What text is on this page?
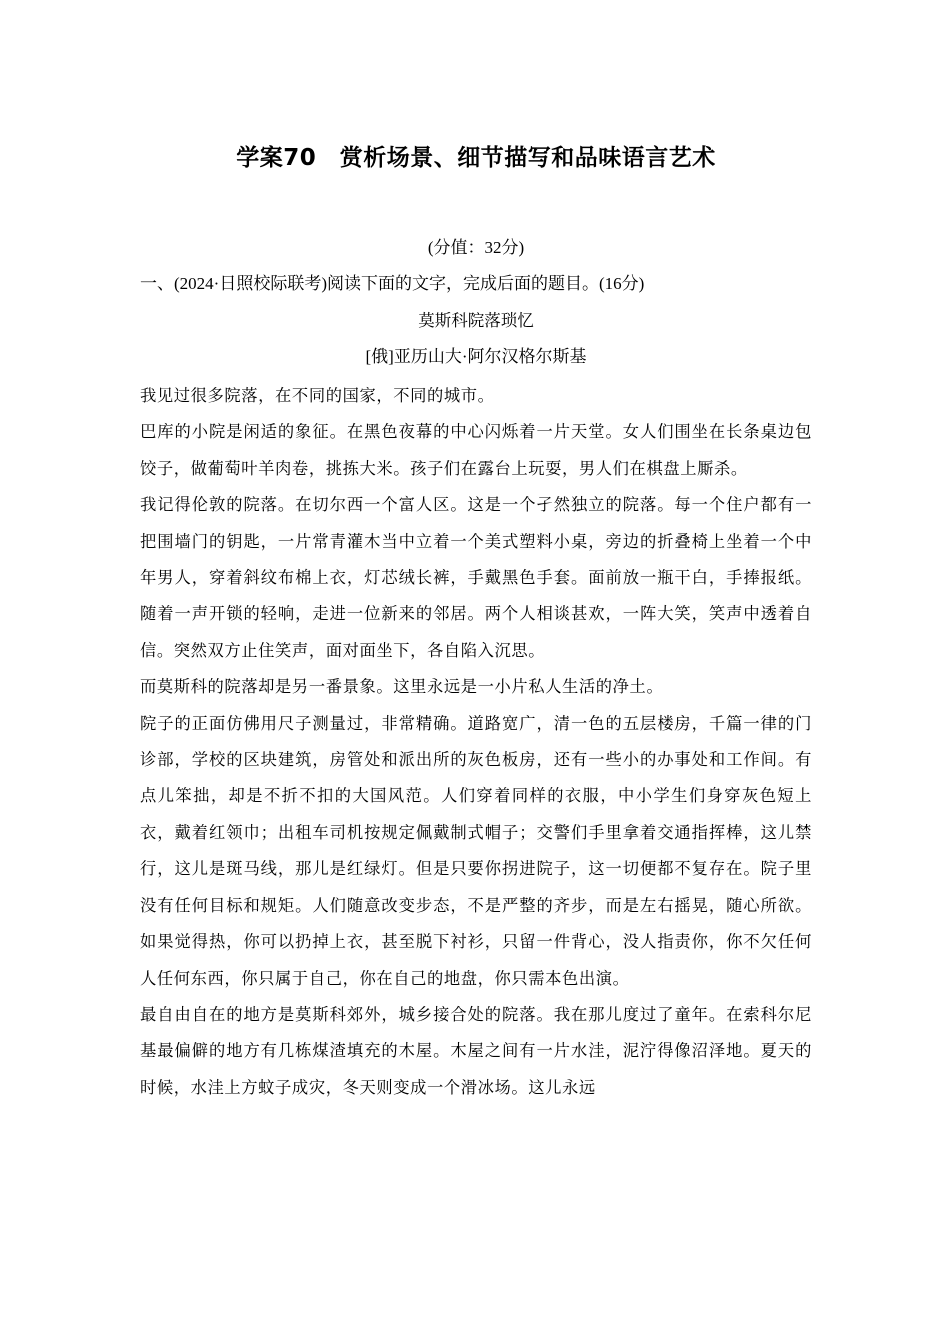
学案70　赏析场景、细节描写和品味语言艺术
(分值：32分)
一、(2024·日照校际联考)阅读下面的文字，完成后面的题目。(16分)
莫斯科院落琐忆
[俄]亚历山大·阿尔汉格尔斯基

我见过很多院落，在不同的国家，不同的城市。

巴库的小院是闲适的象征。在黑色夜幕的中心闪烁着一片天堂。女人们围坐在长条桌边包饺子，做葡萄叶羊肉卷，挑拣大米。孩子们在露台上玩耍，男人们在棋盘上厮杀。

我记得伦敦的院落。在切尔西一个富人区。这是一个孑然独立的院落。每一个住户都有一把围墙门的钥匙，一片常青灌木当中立着一个美式塑料小桌，旁边的折叠椅上坐着一个中年男人，穿着斜纹布棉上衣，灯芯绒长裤，手戴黑色手套。面前放一瓶干白，手捧报纸。随着一声开锁的轻响，走进一位新来的邻居。两个人相谈甚欢，一阵大笑，笑声中透着自信。突然双方止住笑声，面对面坐下，各自陷入沉思。

而莫斯科的院落却是另一番景象。这里永远是一小片私人生活的净土。

院子的正面仿佛用尺子测量过，非常精确。道路宽广，清一色的五层楼房，千篇一律的门诊部，学校的区块建筑，房管处和派出所的灰色板房，还有一些小的办事处和工作间。有点儿笨拙，却是不折不扣的大国风范。人们穿着同样的衣服，中小学生们身穿灰色短上衣，戴着红领巾；出租车司机按规定佩戴制式帽子；交警们手里拿着交通指挥棒，这儿禁行，这儿是斑马线，那儿是红绿灯。但是只要你拐进院子，这一切便都不复存在。院子里没有任何目标和规矩。人们随意改变步态，不是严整的齐步，而是左右摇晃，随心所欲。如果觉得热，你可以扔掉上衣，甚至脱下衬衫，只留一件背心，没人指责你，你不欠任何人任何东西，你只属于自己，你在自己的地盘，你只需本色出演。

最自由自在的地方是莫斯科郊外，城乡接合处的院落。我在那儿度过了童年。在索科尔尼基最偏僻的地方有几栋煤渣填充的木屋。木屋之间有一片水洼，泥泞得像沼泽地。夏天的时候，水洼上方蚊子成灾，冬天则变成一个滑冰场。这儿永远
